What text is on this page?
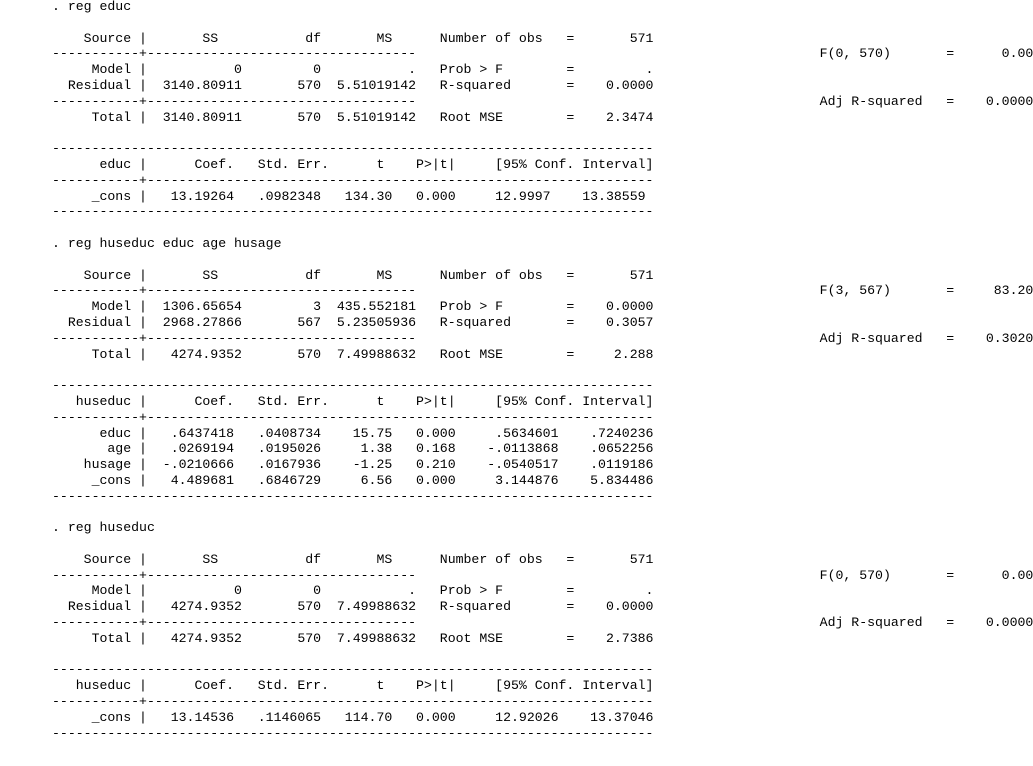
. reg educ

Source |       SS           df       MS      Number of obs   =       571
-----------+----------------------------------                                                   F(0, 570)       =      0.00
Model |           0         0           .   Prob > F        =         .
Residual |  3140.80911       570  5.51019142   R-squared       =    0.0000
-----------+----------------------------------                                                   Adj R-squared   =    0.0000
Total |  3140.80911       570  5.51019142   Root MSE        =    2.3474

----------------------------------------------------------------------------
educ |      Coef.   Std. Err.      t    P>|t|     [95% Conf. Interval]
-----------+----------------------------------------------------------------
_cons |   13.19264   .0982348   134.30   0.000     12.9997    13.38559
----------------------------------------------------------------------------

. reg huseduc educ age husage

Source |       SS           df       MS      Number of obs   =       571
-----------+----------------------------------                                                   F(3, 567)       =     83.20
Model |  1306.65654         3  435.552181   Prob > F        =    0.0000
Residual |  2968.27866       567  5.23505936   R-squared       =    0.3057
-----------+----------------------------------                                                   Adj R-squared   =    0.3020
Total |   4274.9352       570  7.49988632   Root MSE        =     2.288

----------------------------------------------------------------------------
huseduc |      Coef.   Std. Err.      t    P>|t|     [95% Conf. Interval]
-----------+----------------------------------------------------------------
educ |   .6437418   .0408734    15.75   0.000     .5634601    .7240236
age |   .0269194   .0195026     1.38   0.168    -.0113868    .0652256
husage |  -.0210666   .0167936    -1.25   0.210    -.0540517    .0119186
_cons |   4.489681   .6846729     6.56   0.000     3.144876    5.834486
----------------------------------------------------------------------------

. reg huseduc

Source |       SS           df       MS      Number of obs   =       571
-----------+----------------------------------                                                   F(0, 570)       =      0.00
Model |           0         0           .   Prob > F        =         .
Residual |   4274.9352       570  7.49988632   R-squared       =    0.0000
-----------+----------------------------------                                                   Adj R-squared   =    0.0000
Total |   4274.9352       570  7.49988632   Root MSE        =    2.7386

----------------------------------------------------------------------------
huseduc |      Coef.   Std. Err.      t    P>|t|     [95% Conf. Interval]
-----------+----------------------------------------------------------------
_cons |   13.14536   .1146065   114.70   0.000     12.92026    13.37046
----------------------------------------------------------------------------
